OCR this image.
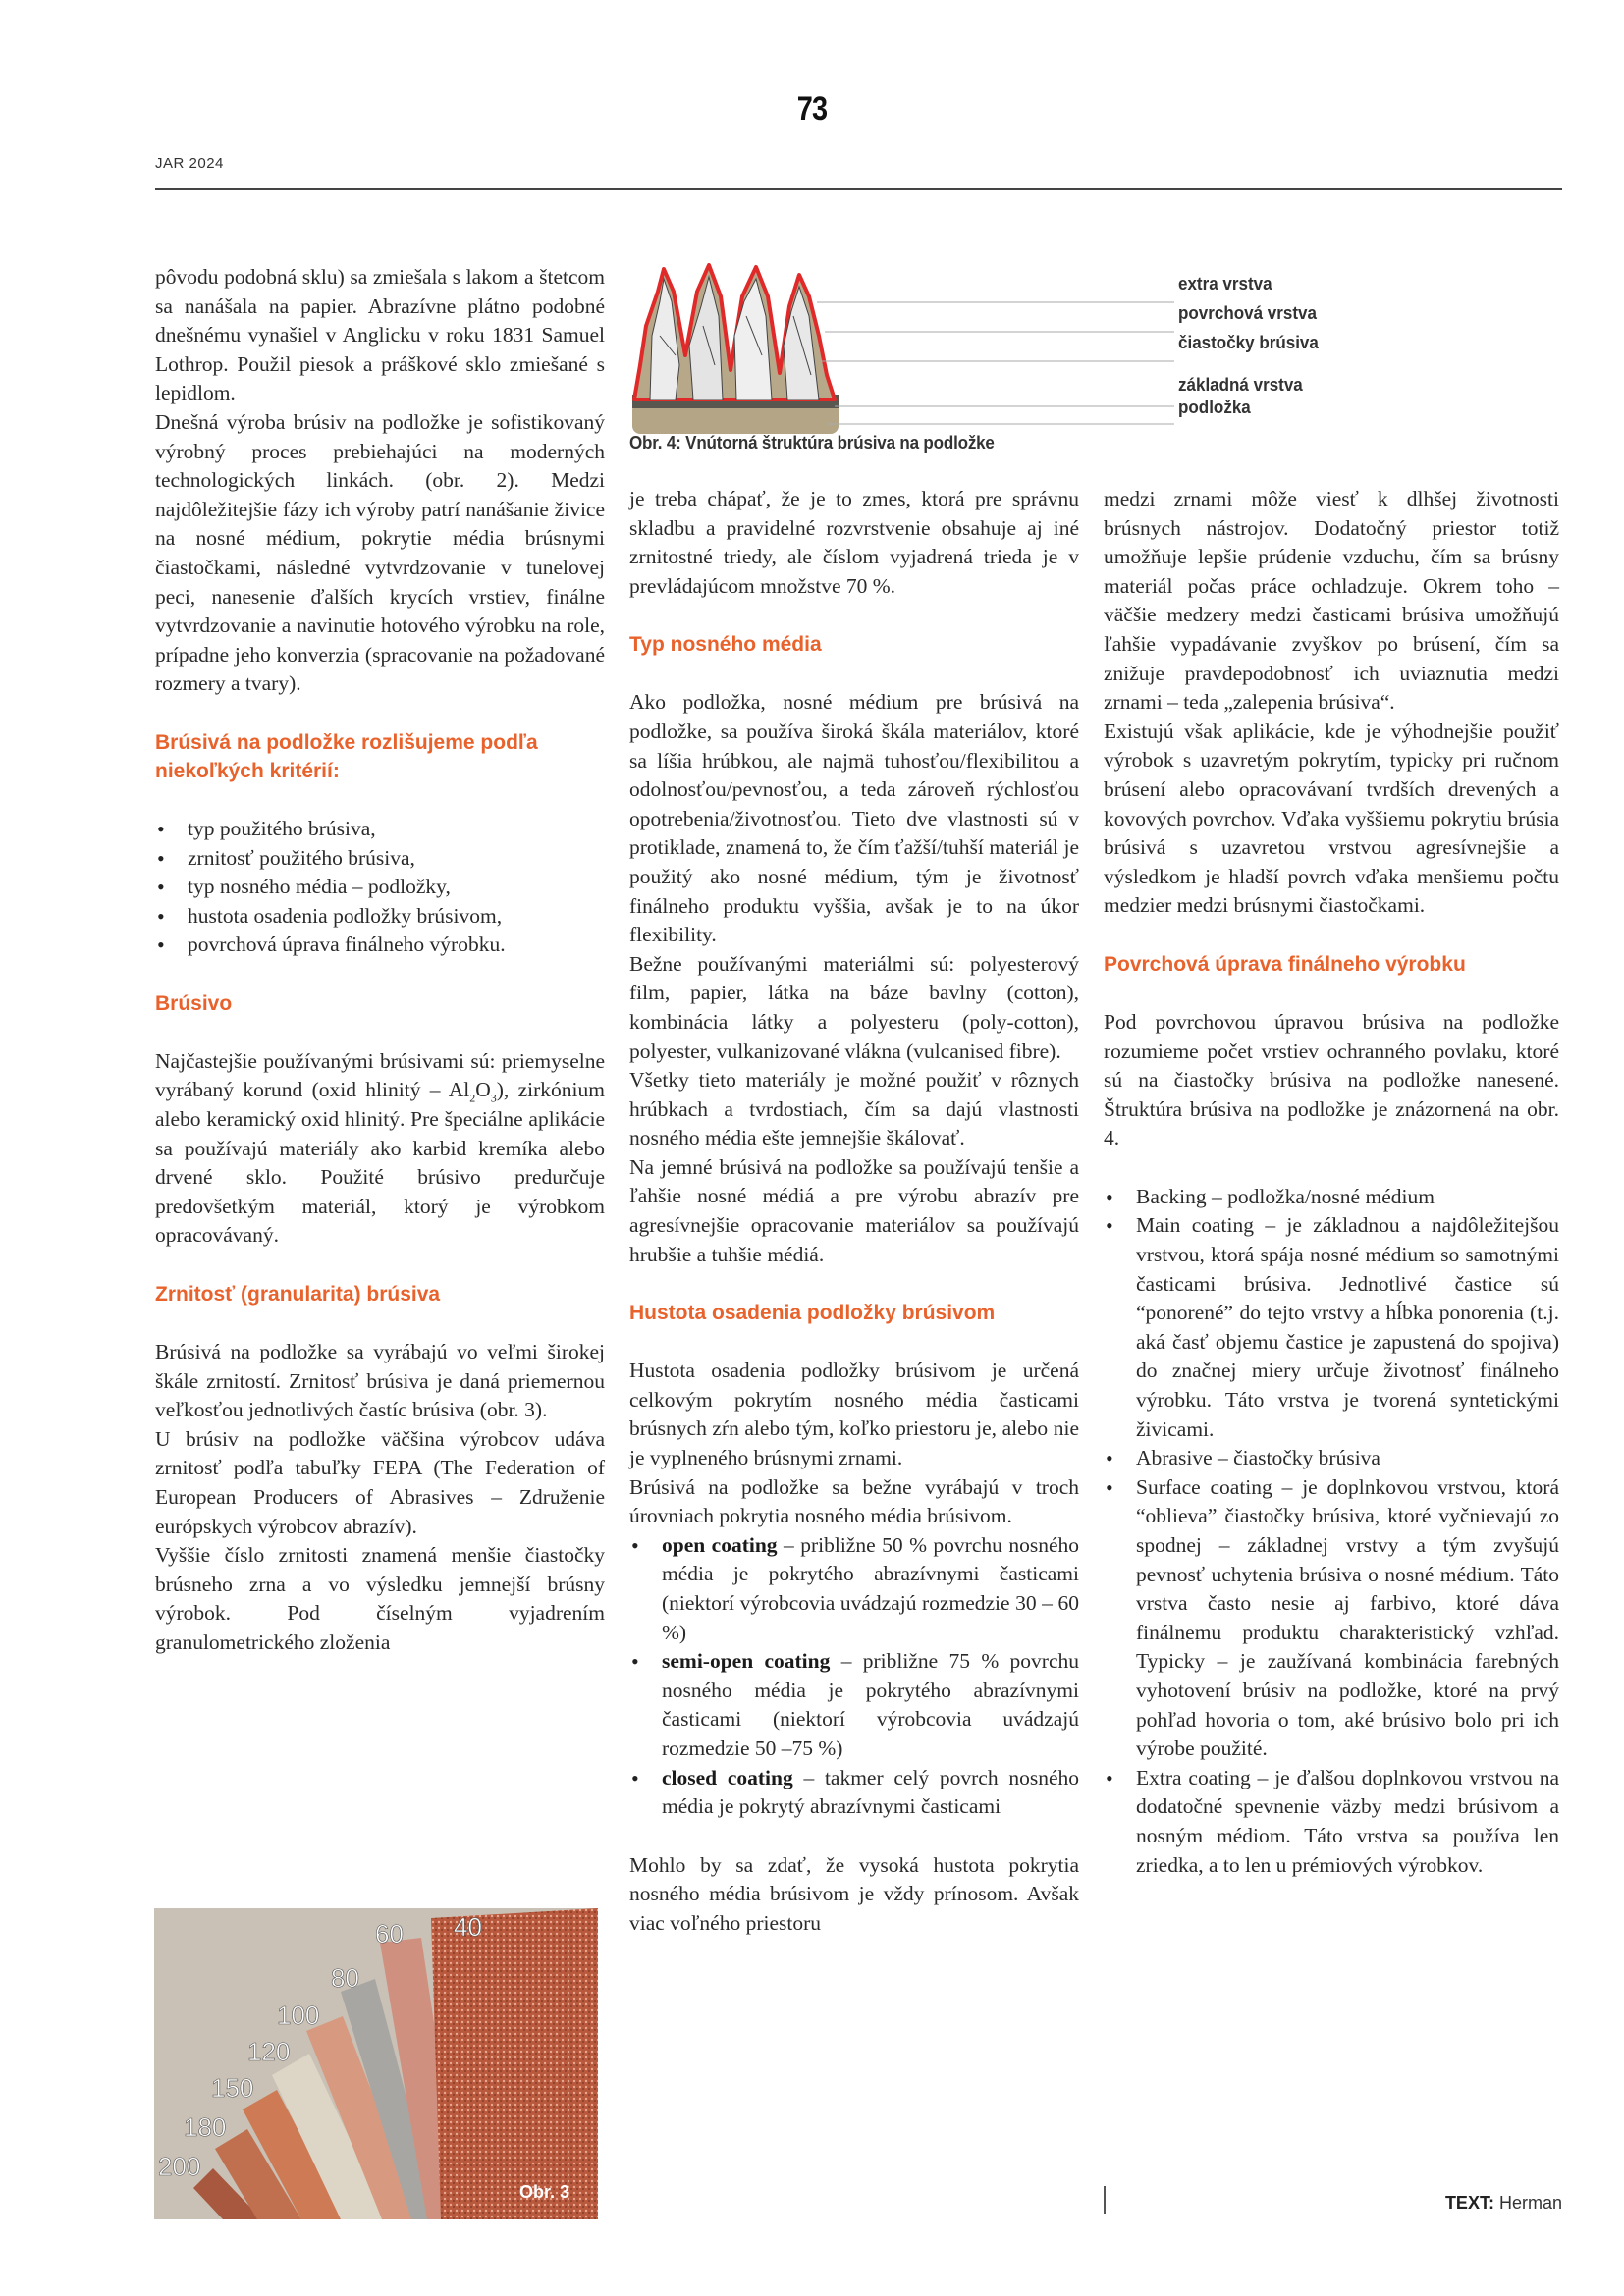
73
JAR 2024
extra vrstva
povrchová vrstva
čiastočky brúsiva
základná vrstva
podložka
Obr. 4: Vnútorná štruktúra brúsiva na podložke

pôvodu podobná sklu) sa zmiešala s lakom a štetcom sa nanášala na papier. Abrazívne plátno podobné dnešnému vynašiel v Anglicku v roku 1831 Samuel Lothrop. Použil piesok a práškové sklo zmiešané s lepidlom.

Dnešná výroba brúsiv na podložke je sofistikovaný výrobný proces prebiehajúci na moderných technologických linkách. (obr. 2). Medzi najdôležitejšie fázy ich výroby patrí nanášanie živice na nosné médium, pokrytie média brúsnymi čiastočkami, následné vytvrdzovanie v tunelovej peci, nanesenie ďalších krycích vrstiev, finálne vytvrdzovanie a navinutie hotového výrobku na role, prípadne jeho konverzia (spracovanie na požadované rozmery a tvary).

Brúsivá na podložke rozlišujeme podľa niekoľkých kritérií:
• typ použitého brúsiva,
• zrnitosť použitého brúsiva,
• typ nosného média – podložky,
• hustota osadenia podložky brúsivom,
• povrchová úprava finálneho výrobku.
Brúsivo

Najčastejšie používanými brúsivami sú: priemyselne vyrábaný korund (oxid hlinitý – $Al_2O_3$), zirkónium alebo keramický oxid hlinitý. Pre špeciálne aplikácie sa používajú materiály ako karbid kremíka alebo drvené sklo. Použité brúsivo predurčuje predovšetkým materiál, ktorý je výrobkom opracovávaný.

Zrnitosť (granularita) brúsiva

Brúsivá na podložke sa vyrábajú vo veľmi širokej škále zrnitostí. Zrnitosť brúsiva je daná priemernou veľkosťou jednotlivých častíc brúsiva (obr. 3).

U brúsiv na podložke väčšina výrobcov udáva zrnitosť podľa tabuľky FEPA (The Federation of European Producers of Abrasives – Združenie európskych výrobcov abrazív).

Vyššie číslo zrnitosti znamená menšie čiastočky brúsneho zrna a vo výsledku jemnejší brúsny výrobok. Pod číselným vyjadrením granulometrického zloženia

40
60
80
100
120
150
180
200
Obr. 3

je treba chápať, že je to zmes, ktorá pre správnu skladbu a pravidelné rozvrstvenie obsahuje aj iné zrnitostné triedy, ale číslom vyjadrená trieda je v prevládajúcom množstve 70 %.

Typ nosného média

Ako podložka, nosné médium pre brúsivá na podložke, sa používa široká škála materiálov, ktoré sa líšia hrúbkou, ale najmä tuhosťou/flexibilitou a odolnosťou/pevnosťou, a teda zároveň rýchlosťou opotrebenia/životnosťou. Tieto dve vlastnosti sú v protiklade, znamená to, že čím ťažší/tuhší materiál je použitý ako nosné médium, tým je životnosť finálneho produktu vyššia, avšak je to na úkor flexibility.

Bežne používanými materiálmi sú: polyesterový film, papier, látka na báze bavlny (cotton), kombinácia látky a polyesteru (poly-cotton), polyester, vulkanizované vlákna (vulcanised fibre).

Všetky tieto materiály je možné použiť v rôznych hrúbkach a tvrdostiach, čím sa dajú vlastnosti nosného média ešte jemnejšie škálovať.

Na jemné brúsivá na podložke sa používajú tenšie a ľahšie nosné médiá a pre výrobu abrazív pre agresívnejšie opracovanie materiálov sa používajú hrubšie a tuhšie médiá.

Hustota osadenia podložky brúsivom

Hustota osadenia podložky brúsivom je určená celkovým pokrytím nosného média časticami brúsnych zŕn alebo tým, koľko priestoru je, alebo nie je vyplneného brúsnymi zrnami.

Brúsivá na podložke sa bežne vyrábajú v troch úrovniach pokrytia nosného média brúsivom.

• open coating – približne 50 % povrchu nosného média je pokrytého abrazívnymi časticami (niektorí výrobcovia uvádzajú rozmedzie 30 – 60 %)
• semi-open coating – približne 75 % povrchu nosného média je pokrytého abrazívnymi časticami (niektorí výrobcovia uvádzajú rozmedzie 50 –75 %)
• closed coating – takmer celý povrch nosného média je pokrytý abrazívnymi časticami

Mohlo by sa zdať, že vysoká hustota pokrytia nosného média brúsivom je vždy prínosom. Avšak viac voľného priestoru

medzi zrnami môže viesť k dlhšej životnosti brúsnych nástrojov. Dodatočný priestor totiž umožňuje lepšie prúdenie vzduchu, čím sa brúsny materiál počas práce ochladzuje. Okrem toho – väčšie medzery medzi časticami brúsiva umožňujú ľahšie vypadávanie zvyškov po brúsení, čím sa znižuje pravdepodobnosť ich uviaznutia medzi zrnami – teda „zalepenia brúsiva“.

Existujú však aplikácie, kde je výhodnejšie použiť výrobok s uzavretým pokrytím, typicky pri ručnom brúsení alebo opracovávaní tvrdších drevených a kovových povrchov. Vďaka vyššiemu pokrytiu brúsia brúsivá s uzavretou vrstvou agresívnejšie a výsledkom je hladší povrch vďaka menšiemu počtu medzier medzi brúsnymi čiastočkami.

Povrchová úprava finálneho výrobku

Pod povrchovou úpravou brúsiva na podložke rozumieme počet vrstiev ochranného povlaku, ktoré sú na čiastočky brúsiva na podložke nanesené. Štruktúra brúsiva na podložke je znázornená na obr. 4.

• Backing – podložka/nosné médium
• Main coating – je základnou a najdôležitejšou vrstvou, ktorá spája nosné médium so samotnými časticami brúsiva. Jednotlivé častice sú “ponorené” do tejto vrstvy a hĺbka ponorenia (t.j. aká časť objemu častice je zapustená do spojiva) do značnej miery určuje životnosť finálneho výrobku. Táto vrstva je tvorená syntetickými živicami.
• Abrasive – čiastočky brúsiva
• Surface coating – je doplnkovou vrstvou, ktorá “oblieva” čiastočky brúsiva, ktoré vyčnievajú zo spodnej – základnej vrstvy a tým zvyšujú pevnosť uchytenia brúsiva o nosné médium. Táto vrstva často nesie aj farbivo, ktoré dáva finálnemu produktu charakteristický vzhľad. Typicky – je zaužívaná kombinácia farebných vyhotovení brúsiv na podložke, ktoré na prvý pohľad hovoria o tom, aké brúsivo bolo pri ich výrobe použité.
• Extra coating – je ďalšou doplnkovou vrstvou na dodatočné spevnenie väzby medzi brúsivom a nosným médiom. Táto vrstva sa používa len zriedka, a to len u prémiových výrobkov.
TEXT: Herman
